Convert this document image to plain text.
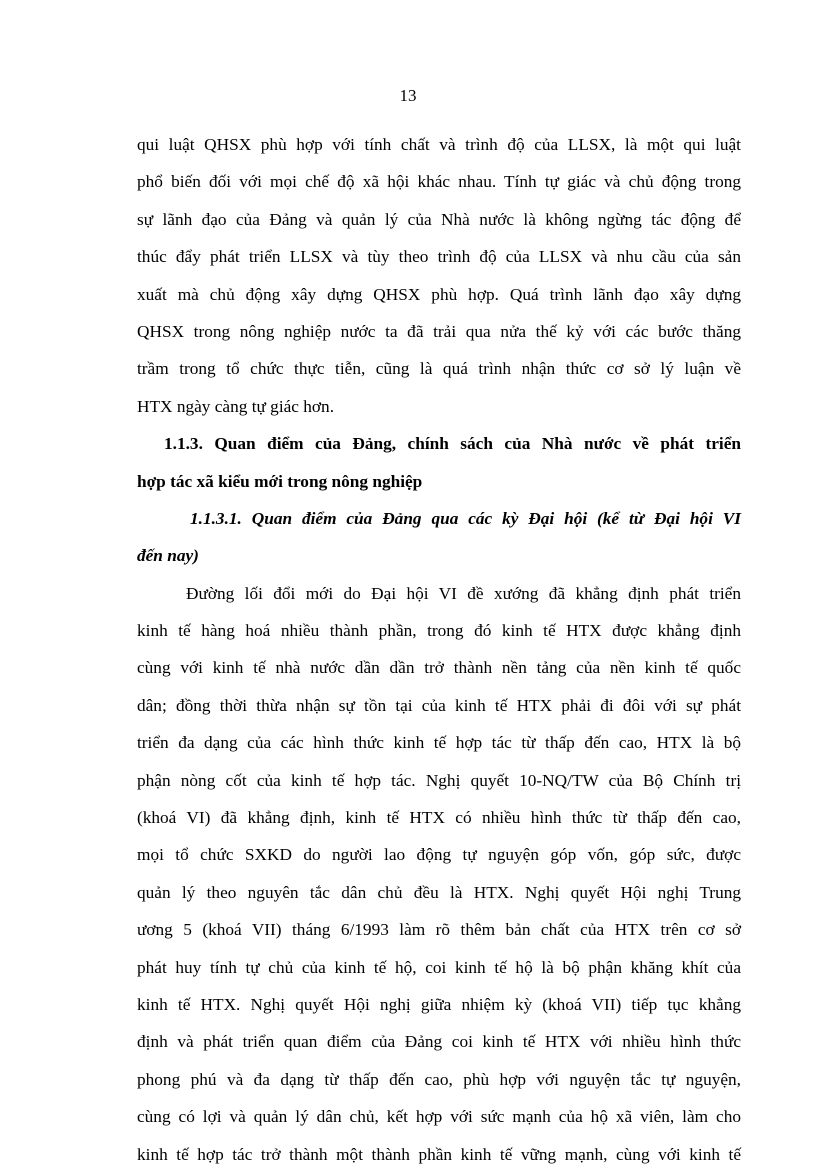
13
qui luật QHSX phù hợp với tính chất và trình độ của LLSX, là một qui luật
phổ biến đối với mọi chế độ xã hội khác nhau. Tính tự giác và chủ động trong
sự lãnh đạo của Đảng và quản lý của Nhà nước là không ngừng tác động để
thúc đẩy phát triển LLSX và tùy theo trình độ của LLSX và nhu cầu của sản
xuất mà chủ động xây dựng QHSX phù hợp. Quá trình lãnh đạo xây dựng
QHSX trong nông nghiệp nước ta đã trải qua nửa thế kỷ với các bước thăng
trầm trong tổ chức thực tiễn, cũng là quá trình nhận thức cơ sở lý luận về
HTX ngày càng tự giác hơn.
1.1.3. Quan điểm của Đảng, chính sách của Nhà nước về phát triển
hợp tác xã kiểu mới trong nông nghiệp
1.1.3.1. Quan điểm của Đảng qua các kỳ Đại hội (kể từ Đại hội VI
đến nay)
Đường lối đổi mới do Đại hội VI đề xướng đã khẳng định phát triển
kinh tế hàng hoá nhiều thành phần, trong đó kinh tế HTX được khẳng định
cùng với kinh tế nhà nước dần dần trở thành nền tảng của nền kinh tế quốc
dân; đồng thời thừa nhận sự tồn tại của kinh tế HTX phải đi đôi với sự phát
triển đa dạng của các hình thức kinh tế hợp tác từ thấp đến cao, HTX là bộ
phận nòng cốt của kinh tế hợp tác. Nghị quyết 10-NQ/TW của Bộ Chính trị
(khoá VI) đã khẳng định, kinh tế HTX có nhiều hình thức từ thấp đến cao,
mọi tổ chức SXKD do người lao động tự nguyện góp vốn, góp sức, được
quản lý theo nguyên tắc dân chủ đều là HTX. Nghị quyết Hội nghị Trung
ương 5 (khoá VII) tháng 6/1993 làm rõ thêm bản chất của HTX trên cơ sở
phát huy tính tự chủ của kinh tế hộ, coi kinh tế hộ là bộ phận khăng khít của
kinh tế HTX. Nghị quyết Hội nghị giữa nhiệm kỳ (khoá VII) tiếp tục khẳng
định và phát triển quan điểm của Đảng coi kinh tế HTX với nhiều hình thức
phong phú và đa dạng từ thấp đến cao, phù hợp với nguyện tắc tự nguyện,
cùng có lợi và quản lý dân chủ, kết hợp với sức mạnh của hộ xã viên, làm cho
kinh tế hợp tác trở thành một thành phần kinh tế vững mạnh, cùng với kinh tế
